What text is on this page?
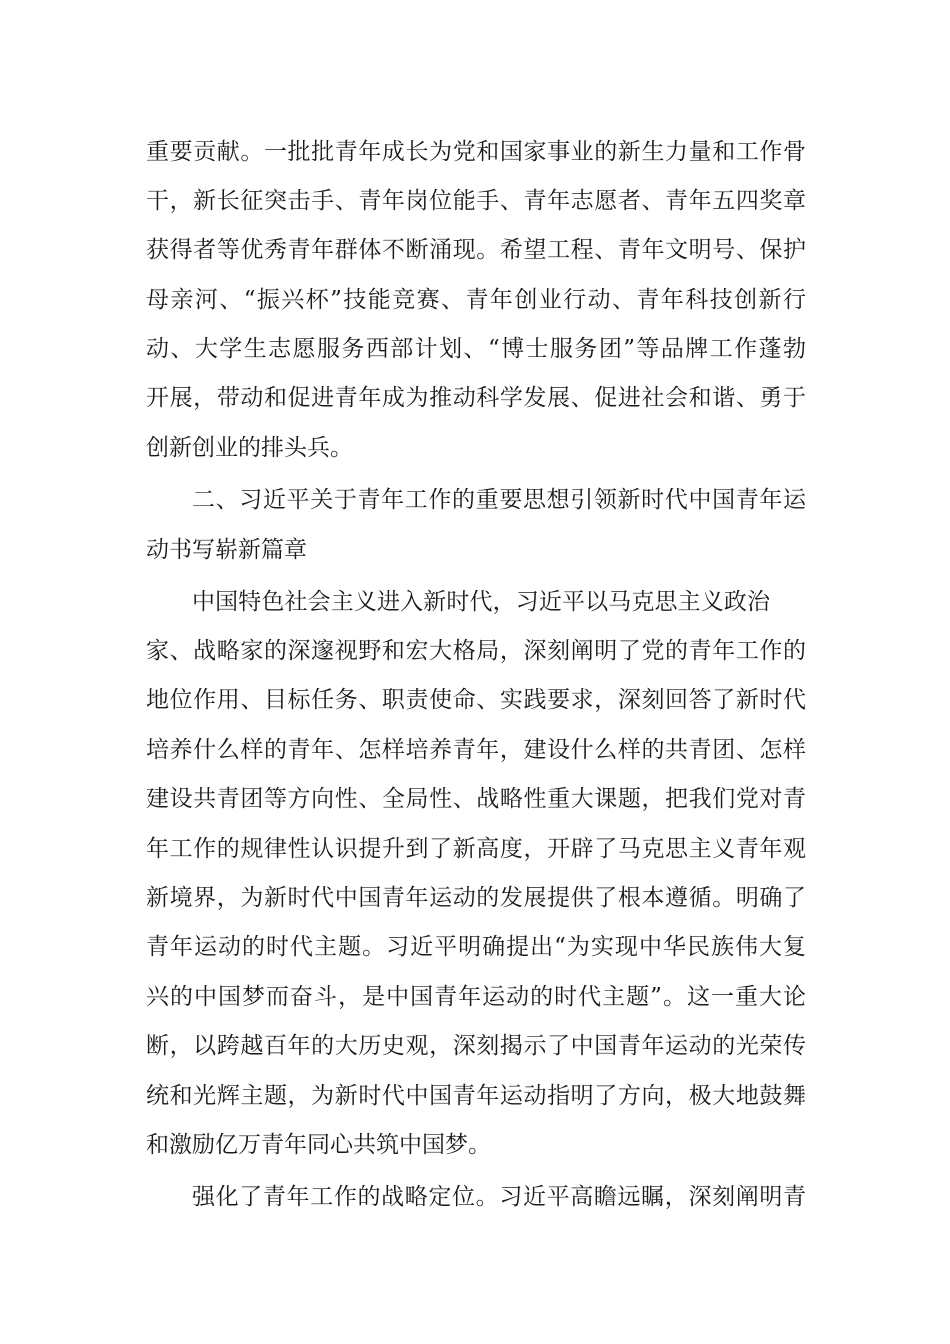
重要贡献。一批批青年成长为党和国家事业的新生力量和工作骨
干，新长征突击手、青年岗位能手、青年志愿者、青年五四奖章
获得者等优秀青年群体不断涌现。希望工程、青年文明号、保护
母亲河、“振兴杯”技能竞赛、青年创业行动、青年科技创新行
动、大学生志愿服务西部计划、“博士服务团”等品牌工作蓬勃
开展，带动和促进青年成为推动科学发展、促进社会和谐、勇于
创新创业的排头兵。
二、习近平关于青年工作的重要思想引领新时代中国青年运
动书写崭新篇章
中国特色社会主义进入新时代，习近平以马克思主义政治
家、战略家的深邃视野和宏大格局，深刻阐明了党的青年工作的
地位作用、目标任务、职责使命、实践要求，深刻回答了新时代
培养什么样的青年、怎样培养青年，建设什么样的共青团、怎样
建设共青团等方向性、全局性、战略性重大课题，把我们党对青
年工作的规律性认识提升到了新高度，开辟了马克思主义青年观
新境界，为新时代中国青年运动的发展提供了根本遵循。明确了
青年运动的时代主题。习近平明确提出“为实现中华民族伟大复
兴的中国梦而奋斗，是中国青年运动的时代主题”。这一重大论
断，以跨越百年的大历史观，深刻揭示了中国青年运动的光荣传
统和光辉主题，为新时代中国青年运动指明了方向，极大地鼓舞
和激励亿万青年同心共筑中国梦。
强化了青年工作的战略定位。习近平高瞻远瞩，深刻阐明青
